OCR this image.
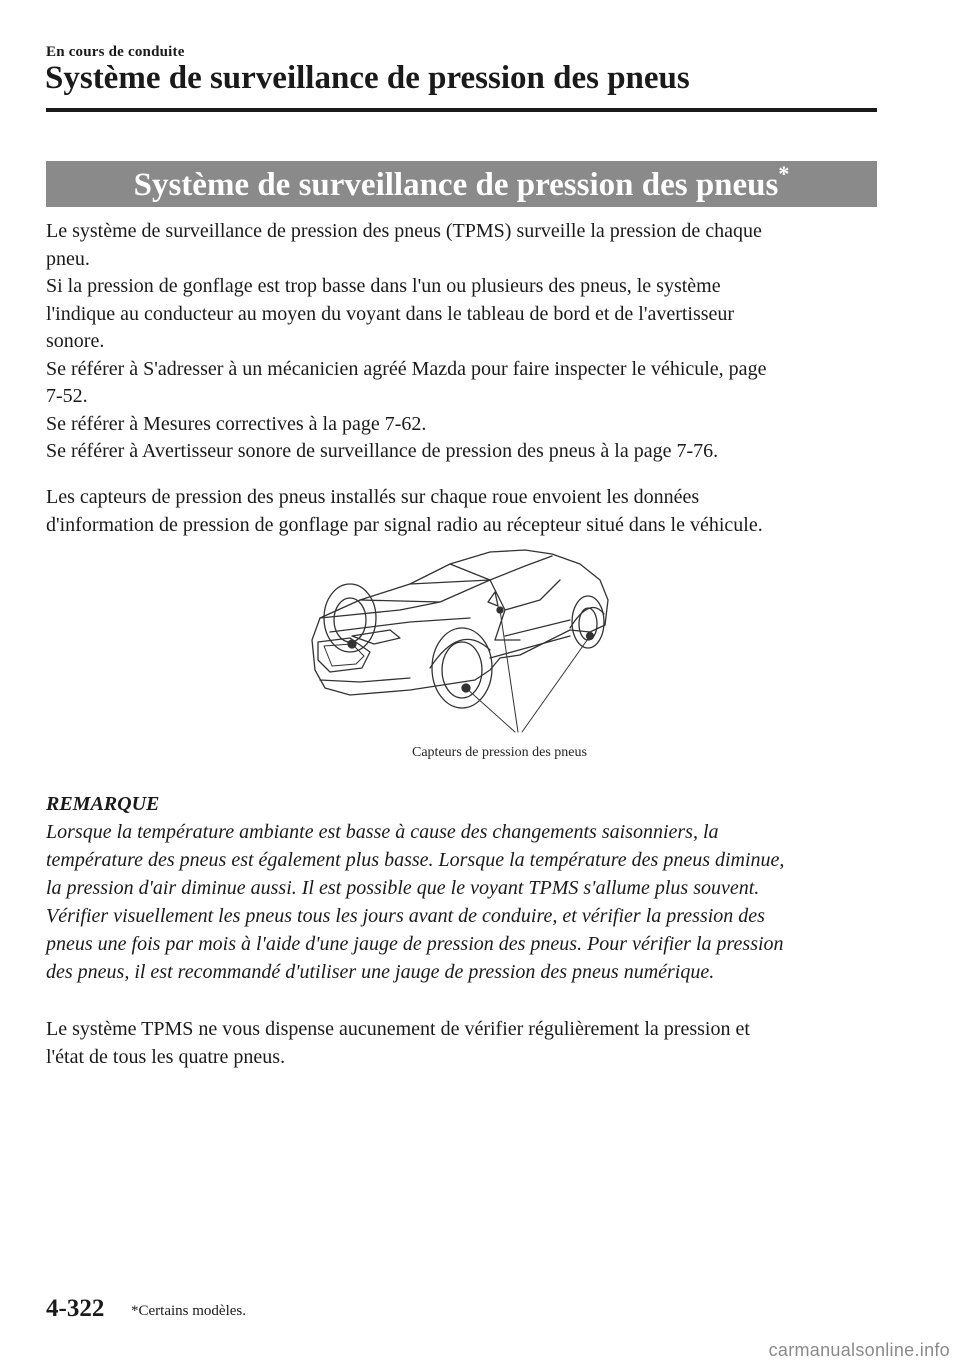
En cours de conduite
Système de surveillance de pression des pneus
Système de surveillance de pression des pneus*
Le système de surveillance de pression des pneus (TPMS) surveille la pression de chaque
pneu.
Si la pression de gonflage est trop basse dans l'un ou plusieurs des pneus, le système
l'indique au conducteur au moyen du voyant dans le tableau de bord et de l'avertisseur
sonore.
Se référer à S'adresser à un mécanicien agréé Mazda pour faire inspecter le véhicule, page
7-52.
Se référer à Mesures correctives à la page 7-62.
Se référer à Avertisseur sonore de surveillance de pression des pneus à la page 7-76.
Les capteurs de pression des pneus installés sur chaque roue envoient les données
d'information de pression de gonflage par signal radio au récepteur situé dans le véhicule.
Capteurs de pression des pneus
REMARQUE
Lorsque la température ambiante est basse à cause des changements saisonniers, la
température des pneus est également plus basse. Lorsque la température des pneus diminue,
la pression d'air diminue aussi. Il est possible que le voyant TPMS s'allume plus souvent.
Vérifier visuellement les pneus tous les jours avant de conduire, et vérifier la pression des
pneus une fois par mois à l'aide d'une jauge de pression des pneus. Pour vérifier la pression
des pneus, il est recommandé d'utiliser une jauge de pression des pneus numérique.
Le système TPMS ne vous dispense aucunement de vérifier régulièrement la pression et
l'état de tous les quatre pneus.
4-322 *Certains modèles.
carmanualsonline.info
